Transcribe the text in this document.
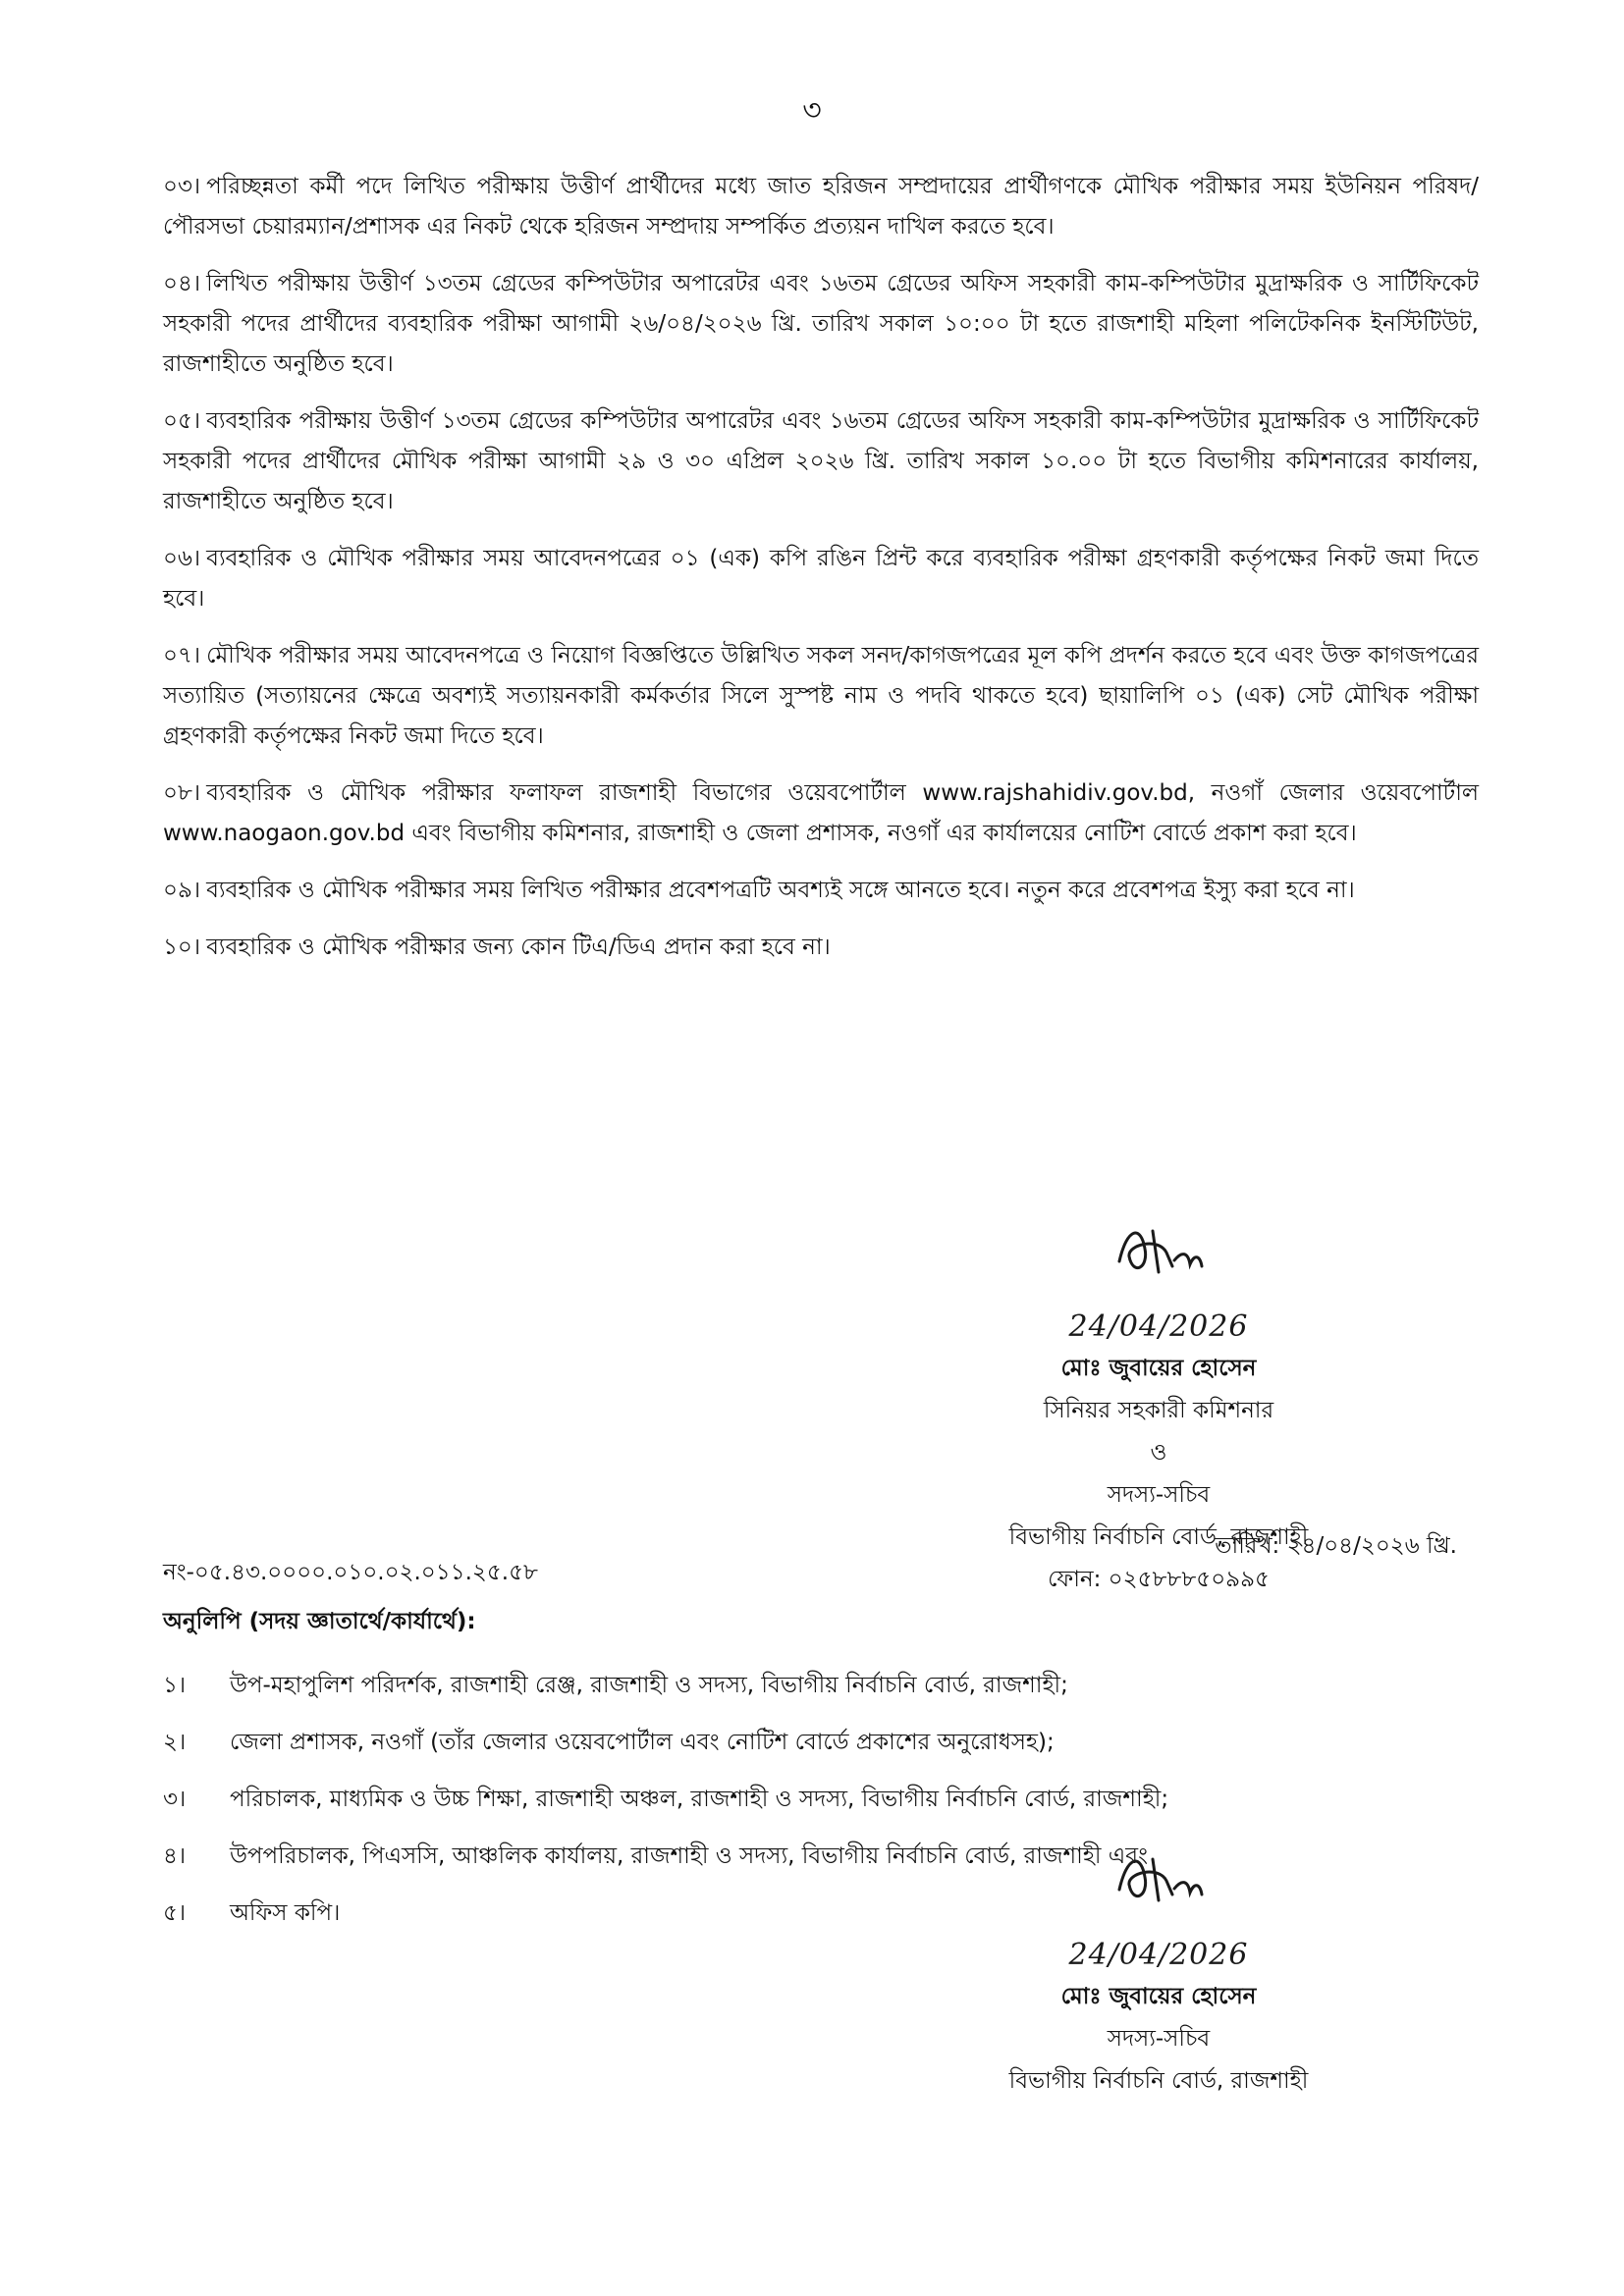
৩

০৩। পরিচ্ছন্নতা কর্মী পদে লিখিত পরীক্ষায় উত্তীর্ণ প্রার্থীদের মধ্যে জাত হরিজন সম্প্রদায়ের প্রার্থীগণকে মৌখিক পরীক্ষার সময় ইউনিয়ন পরিষদ/পৌরসভা চেয়ারম্যান/প্রশাসক এর নিকট থেকে হরিজন সম্প্রদায় সম্পর্কিত প্রত্যয়ন দাখিল করতে হবে।

০৪। লিখিত পরীক্ষায় উত্তীর্ণ ১৩তম গ্রেডের কম্পিউটার অপারেটর এবং ১৬তম গ্রেডের অফিস সহকারী কাম-কম্পিউটার মুদ্রাক্ষরিক ও সার্টিফিকেট সহকারী পদের প্রার্থীদের ব্যবহারিক পরীক্ষা আগামী ২৬/০৪/২০২৬ খ্রি. তারিখ সকাল ১০:০০ টা হতে রাজশাহী মহিলা পলিটেকনিক ইনস্টিটিউট, রাজশাহীতে অনুষ্ঠিত হবে।

০৫। ব্যবহারিক পরীক্ষায় উত্তীর্ণ ১৩তম গ্রেডের কম্পিউটার অপারেটর এবং ১৬তম গ্রেডের অফিস সহকারী কাম-কম্পিউটার মুদ্রাক্ষরিক ও সার্টিফিকেট সহকারী পদের প্রার্থীদের মৌখিক পরীক্ষা আগামী ২৯ ও ৩০ এপ্রিল ২০২৬ খ্রি. তারিখ সকাল ১০.০০ টা হতে বিভাগীয় কমিশনারের কার্যালয়, রাজশাহীতে অনুষ্ঠিত হবে।

০৬। ব্যবহারিক ও মৌখিক পরীক্ষার সময় আবেদনপত্রের ০১ (এক) কপি রঙিন প্রিন্ট করে ব্যবহারিক পরীক্ষা গ্রহণকারী কর্তৃপক্ষের নিকট জমা দিতে হবে।

০৭। মৌখিক পরীক্ষার সময় আবেদনপত্রে ও নিয়োগ বিজ্ঞপ্তিতে উল্লিখিত সকল সনদ/কাগজপত্রের মূল কপি প্রদর্শন করতে হবে এবং উক্ত কাগজপত্রের সত্যায়িত (সত্যায়নের ক্ষেত্রে অবশ্যই সত্যায়নকারী কর্মকর্তার সিলে সুস্পষ্ট নাম ও পদবি থাকতে হবে) ছায়ালিপি ০১ (এক) সেট মৌখিক পরীক্ষা গ্রহণকারী কর্তৃপক্ষের নিকট জমা দিতে হবে।

০৮। ব্যবহারিক ও মৌখিক পরীক্ষার ফলাফল রাজশাহী বিভাগের ওয়েবপোর্টাল www.rajshahidiv.gov.bd, নওগাঁ জেলার ওয়েবপোর্টাল www.naogaon.gov.bd এবং বিভাগীয় কমিশনার, রাজশাহী ও জেলা প্রশাসক, নওগাঁ এর কার্যালয়ের নোটিশ বোর্ডে প্রকাশ করা হবে।

০৯। ব্যবহারিক ও মৌখিক পরীক্ষার সময় লিখিত পরীক্ষার প্রবেশপত্রটি অবশ্যই সঙ্গে আনতে হবে। নতুন করে প্রবেশপত্র ইস্যু করা হবে না।

১০। ব্যবহারিক ও মৌখিক পরীক্ষার জন্য কোন টিএ/ডিএ প্রদান করা হবে না।

24/04/2026
মোঃ জুবায়ের হোসেন
সিনিয়র সহকারী কমিশনার
ও
সদস্য-সচিব
বিভাগীয় নির্বাচনি বোর্ড, রাজশাহী
ফোন: ০২৫৮৮৮৫০৯৯৫
তারিখ: ২৪/০৪/২০২৬ খ্রি.
নং-০৫.৪৩.০০০০.০১০.০২.০১১.২৫.৫৮
অনুলিপি (সদয় জ্ঞাতার্থে/কার্যার্থে):
১।	উপ-মহাপুলিশ পরিদর্শক, রাজশাহী রেঞ্জ, রাজশাহী ও সদস্য, বিভাগীয় নির্বাচনি বোর্ড, রাজশাহী;
২।	জেলা প্রশাসক, নওগাঁ (তাঁর জেলার ওয়েবপোর্টাল এবং নোটিশ বোর্ডে প্রকাশের অনুরোধসহ);
৩।	পরিচালক, মাধ্যমিক ও উচ্চ শিক্ষা, রাজশাহী অঞ্চল, রাজশাহী ও সদস্য, বিভাগীয় নির্বাচনি বোর্ড, রাজশাহী;
৪।	উপপরিচালক, পিএসসি, আঞ্চলিক কার্যালয়, রাজশাহী ও সদস্য, বিভাগীয় নির্বাচনি বোর্ড, রাজশাহী এবং
৫।	অফিস কপি।
24/04/2026
মোঃ জুবায়ের হোসেন
সদস্য-সচিব
বিভাগীয় নির্বাচনি বোর্ড, রাজশাহী
